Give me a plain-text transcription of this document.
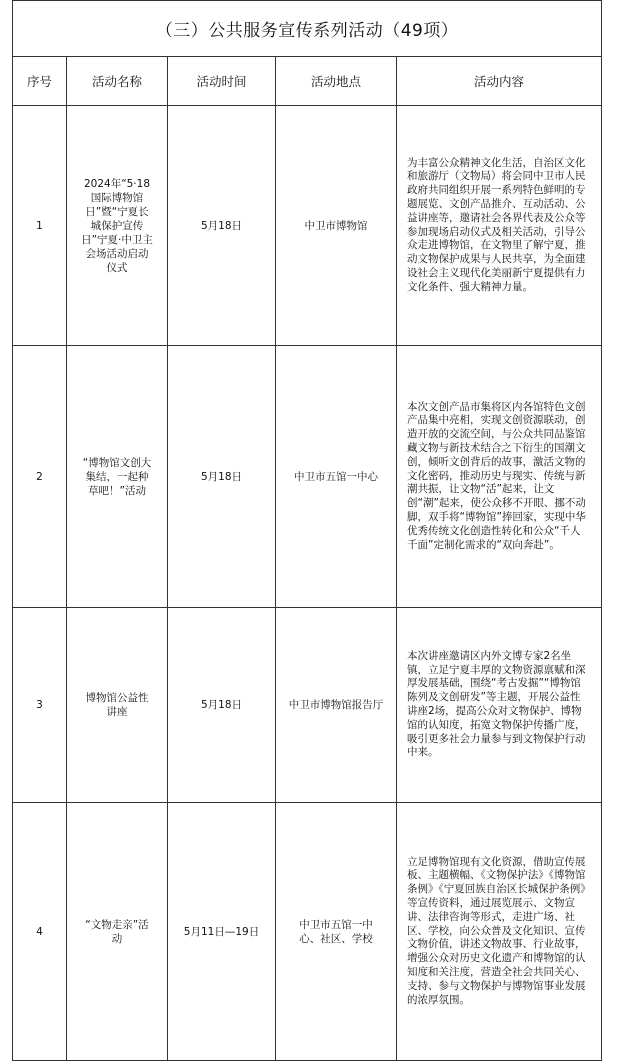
（三）公共服务宣传系列活动（49项）				
序号	活动名称	活动时间	活动地点	活动内容
1	2024年“5·18国际博物馆日”暨“宁夏长城保护宣传日”宁夏·中卫主会场活动启动仪式	5月18日	中卫市博物馆	为丰富公众精神文化生活，自治区文化和旅游厅（文物局）将会同中卫市人民政府共同组织开展一系列特色鲜明的专题展览、文创产品推介、互动活动、公益讲座等，邀请社会各界代表及公众等参加现场启动仪式及相关活动，引导公众走进博物馆，在文物里了解宁夏，推动文物保护成果与人民共享，为全面建设社会主义现代化美丽新宁夏提供有力文化条件、强大精神力量。
2	“博物馆文创大集结，一起种草吧！”活动	5月18日	中卫市五馆一中心	本次文创产品市集将区内各馆特色文创产品集中亮相，实现文创资源联动，创造开放的交流空间，与公众共同品鉴馆藏文物与新技术结合之下衍生的国潮文创，倾听文创背后的故事，激活文物的文化密码，推动历史与现实、传统与新潮共振，让文物“活”起来，让文创“潮”起来，使公众移不开眼、挪不动脚，双手将“博物馆”捧回家，实现中华优秀传统文化创造性转化和公众“千人千面”定制化需求的“双向奔赴”。
3	博物馆公益性讲座	5月18日	中卫市博物馆报告厅	本次讲座邀请区内外文博专家2名坐镇，立足宁夏丰厚的文物资源禀赋和深厚发展基础，围绕“考古发掘”“博物馆陈列及文创研发”等主题，开展公益性讲座2场，提高公众对文物保护、博物馆的认知度，拓宽文物保护传播广度，吸引更多社会力量参与到文物保护行动中来。
4	“文物走亲”活动	5月11日—19日	中卫市五馆一中心、社区、学校	立足博物馆现有文化资源，借助宣传展板、主题横幅、《文物保护法》《博物馆条例》《宁夏回族自治区长城保护条例》等宣传资料，通过展览展示、文物宣讲、法律咨询等形式，走进广场、社区、学校，向公众普及文化知识、宣传文物价值，讲述文物故事、行业故事，增强公众对历史文化遗产和博物馆的认知度和关注度，营造全社会共同关心、支持、参与文物保护与博物馆事业发展的浓厚氛围。
